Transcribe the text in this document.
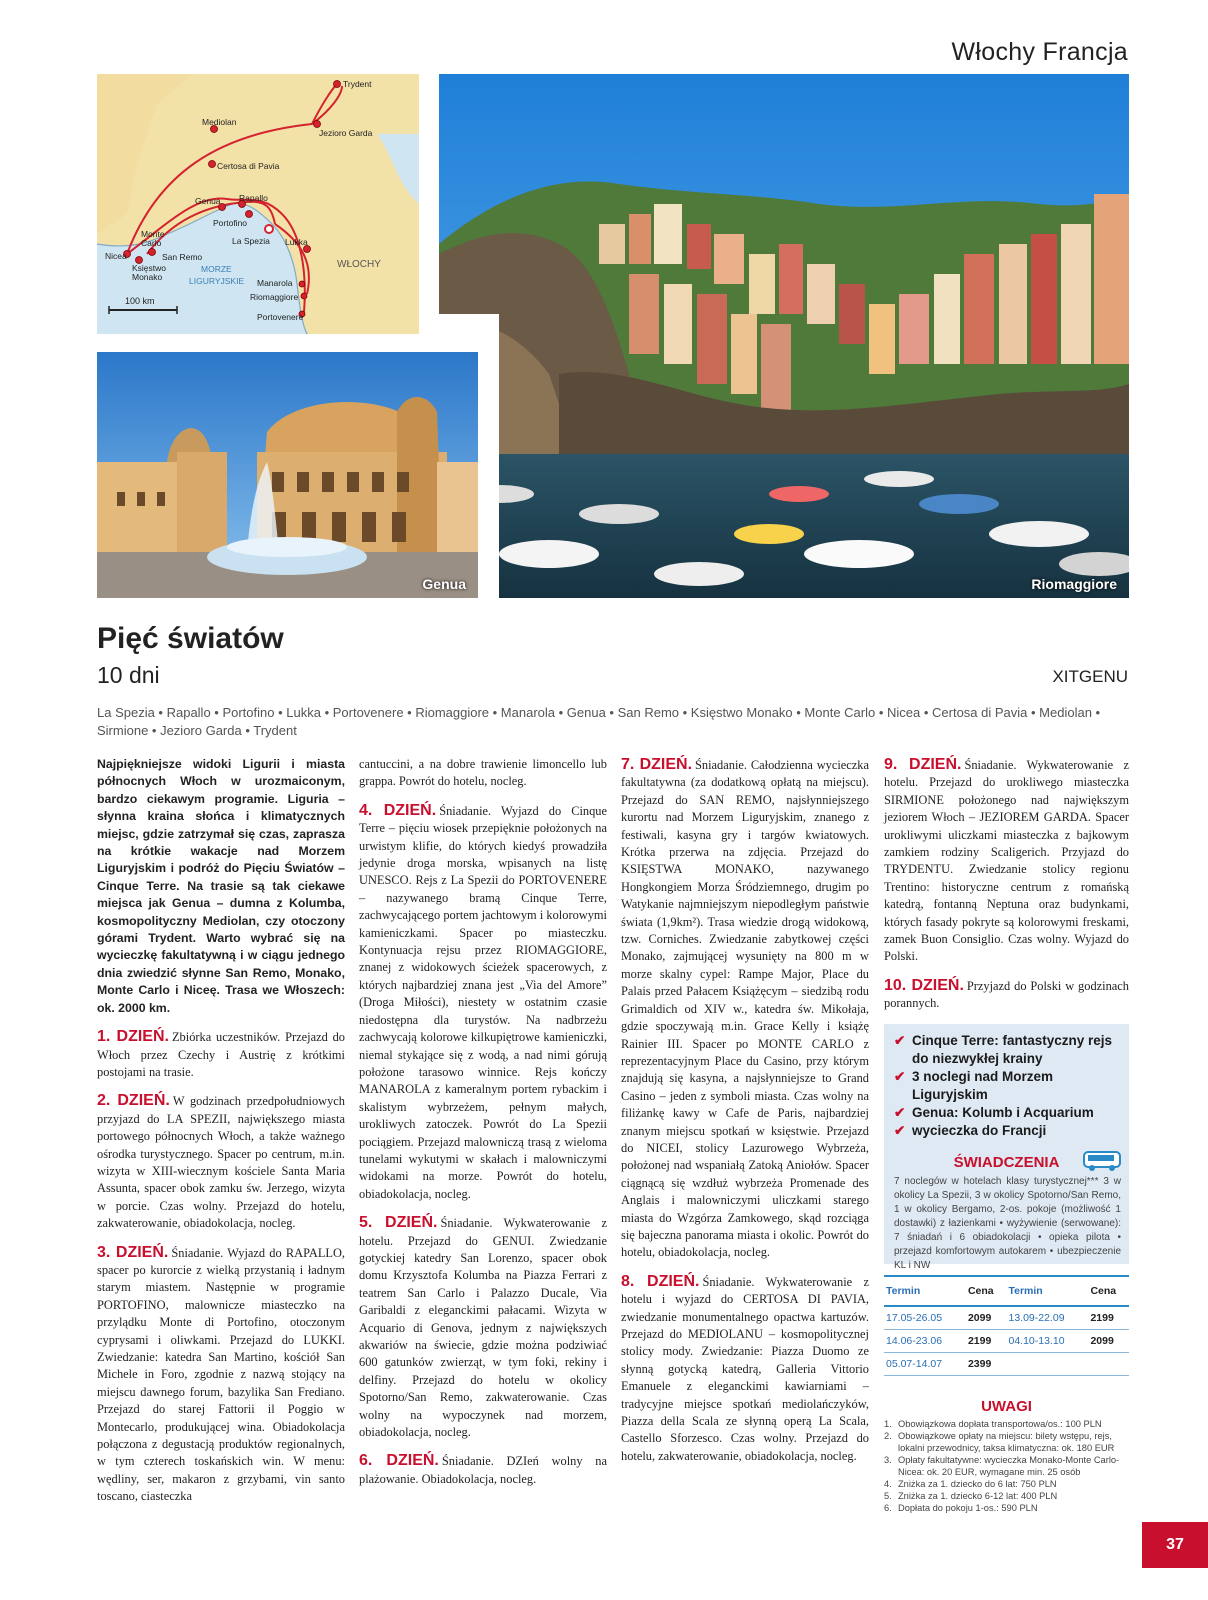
Włochy Francja
Trydent
Mediolan
Jezioro Garda
Certosa di Pavia
Genua Rapallo
Portofino
La Spezia Lukka
Monte
Carlo
Nicea	San Remo
Księstwo
Monako
Manarola
Riomaggiore
Portovenere
MORZE
LIGURYJSKIE
WŁOCHY
100 km
Riomaggiore
Genua
Pięć światów
10 dni	XITGENU
La Spezia • Rapallo • Portofino • Lukka • Portovenere • Riomaggiore • Manarola • Genua • San Remo • Księstwo Monako • Monte Carlo • Nicea • Certosa di Pavia • Mediolan • Sirmione • Jezioro Garda • Trydent
Najpiękniejsze widoki Ligurii i miasta północnych Włoch w urozmaiconym, bardzo ciekawym programie. Liguria – słynna kraina słońca i klimatycznych miejsc, gdzie zatrzymał się czas, zaprasza na krótkie wakacje nad Morzem Liguryjskim i podróż do Pięciu Światów – Cinque Terre. Na trasie są tak ciekawe miejsca jak Genua – dumna z Kolumba, kosmopolityczny Mediolan, czy otoczony górami Trydent. Warto wybrać się na wycieczkę fakultatywną i w ciągu jednego dnia zwiedzić słynne San Remo, Monako, Monte Carlo i Niceę. Trasa we Włoszech: ok. 2000 km.
1. DZIEŃ. Zbiórka uczestników. Przejazd do Włoch przez Czechy i Austrię z krótkimi postojami na trasie.
2. DZIEŃ. W godzinach przedpołudniowych przyjazd do LA SPEZII, największego miasta portowego północnych Włoch, a także ważnego ośrodka turystycznego. Spacer po centrum, m.in. wizyta w XIII-wiecznym kościele Santa Maria Assunta, spacer obok zamku św. Jerzego, wizyta w porcie. Czas wolny. Przejazd do hotelu, zakwaterowanie, obiadokolacja, nocleg.
3. DZIEŃ. Śniadanie. Wyjazd do RAPALLO, spacer po kurorcie z wielką przystanią i ładnym starym miastem. Następnie w programie PORTOFINO, malownicze miasteczko na przylądku Monte di Portofino, otoczonym cyprysami i oliwkami. Przejazd do LUKKI. Zwiedzanie: katedra San Martino, kościół San Michele in Foro, zgodnie z nazwą stojący na miejscu dawnego forum, bazylika San Frediano. Przejazd do starej Fattorii il Poggio w Montecarlo, produkującej wina. Obiadokolacja połączona z degustacją produktów regionalnych, w tym czterech toskańskich win. W menu: wędliny, ser, makaron z grzybami, vin santo toscano, ciasteczka
cantuccini, a na dobre trawienie limoncello lub grappa. Powrót do hotelu, nocleg.
4. DZIEŃ. Śniadanie. Wyjazd do Cinque Terre – pięciu wiosek przepięknie położonych na urwistym klifie, do których kiedyś prowadziła jedynie droga morska, wpisanych na listę UNESCO. Rejs z La Spezii do PORTOVENERE – nazywanego bramą Cinque Terre, zachwycającego portem jachtowym i kolorowymi kamieniczkami. Spacer po miasteczku. Kontynuacja rejsu przez RIOMAGGIORE, znanej z widokowych ścieżek spacerowych, z których najbardziej znana jest „Via del Amore” (Droga Miłości), niestety w ostatnim czasie niedostępna dla turystów. Na nadbrzeżu zachwycają kolorowe kilkupiętrowe kamieniczki, niemal stykające się z wodą, a nad nimi górują położone tarasowo winnice. Rejs kończy MANAROLA z kameralnym portem rybackim i skalistym wybrzeżem, pełnym małych, urokliwych zatoczek. Powrót do La Spezii pociągiem. Przejazd malowniczą trasą z wieloma tunelami wykutymi w skałach i malowniczymi widokami na morze. Powrót do hotelu, obiadokolacja, nocleg.
5. DZIEŃ. Śniadanie. Wykwaterowanie z hotelu. Przejazd do GENUI. Zwiedzanie gotyckiej katedry San Lorenzo, spacer obok domu Krzysztofa Kolumba na Piazza Ferrari z teatrem San Carlo i Palazzo Ducale, Via Garibaldi z eleganckimi pałacami. Wizyta w Acquario di Genova, jednym z największych akwariów na świecie, gdzie można podziwiać 600 gatunków zwierząt, w tym foki, rekiny i delfiny. Przejazd do hotelu w okolicy Spotorno/San Remo, zakwaterowanie. Czas wolny na wypoczynek nad morzem, obiadokolacja, nocleg.
6. DZIEŃ. Śniadanie. DZIeń wolny na plażowanie. Obiadokolacja, nocleg.
7. DZIEŃ. Śniadanie. Całodzienna wycieczka fakultatywna (za dodatkową opłatą na miejscu). Przejazd do SAN REMO, najsłynniejszego kurortu nad Morzem Liguryjskim, znanego z festiwali, kasyna gry i targów kwiatowych. Krótka przerwa na zdjęcia. Przejazd do KSIĘSTWA MONAKO, nazywanego Hongkongiem Morza Śródziemnego, drugim po Watykanie najmniejszym niepodległym państwie świata (1,9km²). Trasa wiedzie drogą widokową, tzw. Corniches. Zwiedzanie zabytkowej części Monako, zajmującej wysunięty na 800 m w morze skalny cypel: Rampe Major, Place du Palais przed Pałacem Książęcym – siedzibą rodu Grimaldich od XIV w., katedra św. Mikołaja, gdzie spoczywają m.in. Grace Kelly i książę Rainier III. Spacer po MONTE CARLO z reprezentacyjnym Place du Casino, przy którym znajdują się kasyna, a najsłynniejsze to Grand Casino – jeden z symboli miasta. Czas wolny na filiżankę kawy w Cafe de Paris, najbardziej znanym miejscu spotkań w księstwie. Przejazd do NICEI, stolicy Lazurowego Wybrzeża, położonej nad wspaniałą Zatoką Aniołów. Spacer ciągnącą się wzdłuż wybrzeża Promenade des Anglais i malowniczymi uliczkami starego miasta do Wzgórza Zamkowego, skąd rozciąga się bajeczna panorama miasta i okolic. Powrót do hotelu, obiadokolacja, nocleg.
8. DZIEŃ. Śniadanie. Wykwaterowanie z hotelu i wyjazd do CERTOSA DI PAVIA, zwiedzanie monumentalnego opactwa kartuzów. Przejazd do MEDIOLANU – kosmopolitycznej stolicy mody. Zwiedzanie: Piazza Duomo ze słynną gotycką katedrą, Galleria Vittorio Emanuele z eleganckimi kawiarniami – tradycyjne miejsce spotkań mediolańczyków, Piazza della Scala ze słynną operą La Scala, Castello Sforzesco. Czas wolny. Przejazd do hotelu, zakwaterowanie, obiadokolacja, nocleg.
9. DZIEŃ. Śniadanie. Wykwaterowanie z hotelu. Przejazd do urokliwego miasteczka SIRMIONE położonego nad największym jeziorem Włoch – JEZIOREM GARDA. Spacer urokliwymi uliczkami miasteczka z bajkowym zamkiem rodziny Scaligerich. Przyjazd do TRYDENTU. Zwiedzanie stolicy regionu Trentino: historyczne centrum z romańską katedrą, fontanną Neptuna oraz budynkami, których fasady pokryte są kolorowymi freskami, zamek Buon Consiglio. Czas wolny. Wyjazd do Polski.
10. DZIEŃ. Przyjazd do Polski w godzinach porannych.
✔ Cinque Terre: fantastyczny rejs do niezwykłej krainy
✔ 3 noclegi nad Morzem Liguryjskim
✔ Genua: Kolumb i Acquarium
✔ wycieczka do Francji
ŚWIADCZENIA
7 noclegów w hotelach klasy turystycznej*** 3 w okolicy La Spezii, 3 w okolicy Spotorno/San Remo, 1 w okolicy Bergamo, 2-os. pokoje (możliwość 1 dostawki) z łazienkami • wyżywienie (serwowane): 7 śniadań i 6 obiadokolacji • opieka pilota • przejazd komfortowym autokarem • ubezpieczenie KL i NW
Termin	Cena	Termin	Cena
17.05-26.05	2099	13.09-22.09	2199
14.06-23.06	2199	04.10-13.10	2099
05.07-14.07	2399		
UWAGI
1. Obowiązkowa dopłata transportowa/os.: 100 PLN
2. Obowiązkowe opłaty na miejscu: bilety wstępu, rejs, lokalni przewodnicy, taksa klimatyczna: ok. 180 EUR
3. Opłaty fakultatywne: wycieczka Monako-Monte Carlo-Nicea: ok. 20 EUR, wymagane min. 25 osób
4. Zniżka za 1. dziecko do 6 lat: 750 PLN
5. Zniżka za 1. dziecko 6-12 lat: 400 PLN
6. Dopłata do pokoju 1-os.: 590 PLN
37
